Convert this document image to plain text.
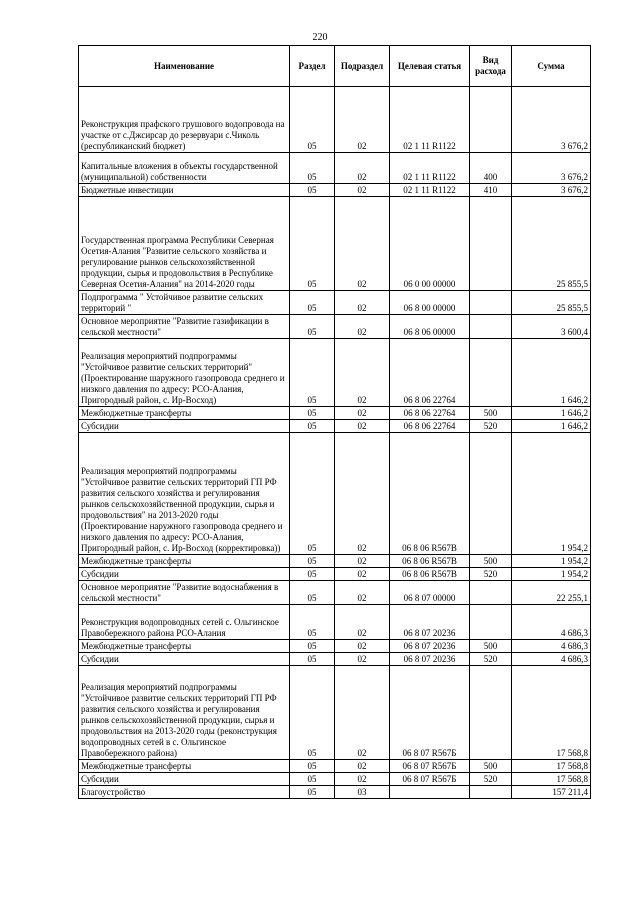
220
Наименование	Раздел	Подраздел	Целевая статья	Вид расхода	Сумма
Реконструкция прафского грушового водопровода на участке от с.Джсирсар до резервуари с.Чиколь (республиканский бюджет)	05	02	02 1 11 R1122		3 676,2
Капитальные вложения в объекты государственной (муниципальной) собственности	05	02	02 1 11 R1122	400	3 676,2
Бюджетные инвестиции	05	02	02 1 11 R1122	410	3 676,2
Государственная программа Республики Северная Осетия-Алания "Развитие сельского хозяйства и регулирование рынков сельскохозяйственной продукции, сырья и продовольствия в Республике Северная Осетия-Алания" на 2014-2020 годы	05	02	06 0 00 00000		25 855,5
Подпрограмма " Устойчивое развитие сельских территорий "	05	02	06 8 00 00000		25 855,5
Основное мероприятие "Развитие газификации в сельской местности"	05	02	06 8 06 00000		3 600,4
Реализация мероприятий подпрограммы "Устойчивое развитие сельских территорий" (Проектирование шаружного газопровода среднего и низкого давления по адресу: РСО-Алания, Пригородный район, с. Ир-Восход)	05	02	06 8 06 22764		1 646,2
Межбюджетные трансферты	05	02	06 8 06 22764	500	1 646,2
Субсидии	05	02	06 8 06 22764	520	1 646,2
Реализация мероприятий подпрограммы "Устойчивое развитие сельских территорий ГП РФ развития сельского хозяйства и регулирования рынков сельскохозяйственной продукции, сырья и продовольствия" на 2013-2020 годы (Проектирование наружного газопровода среднего и низкого давления по адресу: РСО-Алания, Пригородный район, с. Ир-Восход (корректировка))	05	02	06 8 06 R567B		1 954,2
Межбюджетные трансферты	05	02	06 8 06 R567B	500	1 954,2
Субсидии	05	02	06 8 06 R567B	520	1 954,2
Основное мероприятие "Развитие водоснабжения в сельской местности"	05	02	06 8 07 00000		22 255,1
Реконструкция водопроводных сетей с. Ольгинское Правобережного района РСО-Алания	05	02	06 8 07 20236		4 686,3
Межбюджетные трансферты	05	02	06 8 07 20236	500	4 686,3
Субсидии	05	02	06 8 07 20236	520	4 686,3
Реализация мероприятий подпрограммы "Устойчивое развитие сельских территорий ГП РФ развития сельского хозяйства и регулирования рынков сельскохозяйственной продукции, сырья и продовольствия на 2013-2020 годы (реконструкция водопроводных сетей в с. Ольгинское Правобережного района)	05	02	06 8 07 R567Б		17 568,8
Межбюджетные трансферты	05	02	06 8 07 R567Б	500	17 568,8
Субсидии	05	02	06 8 07 R567Б	520	17 568,8
Благоустройство	05	03			157 211,4
